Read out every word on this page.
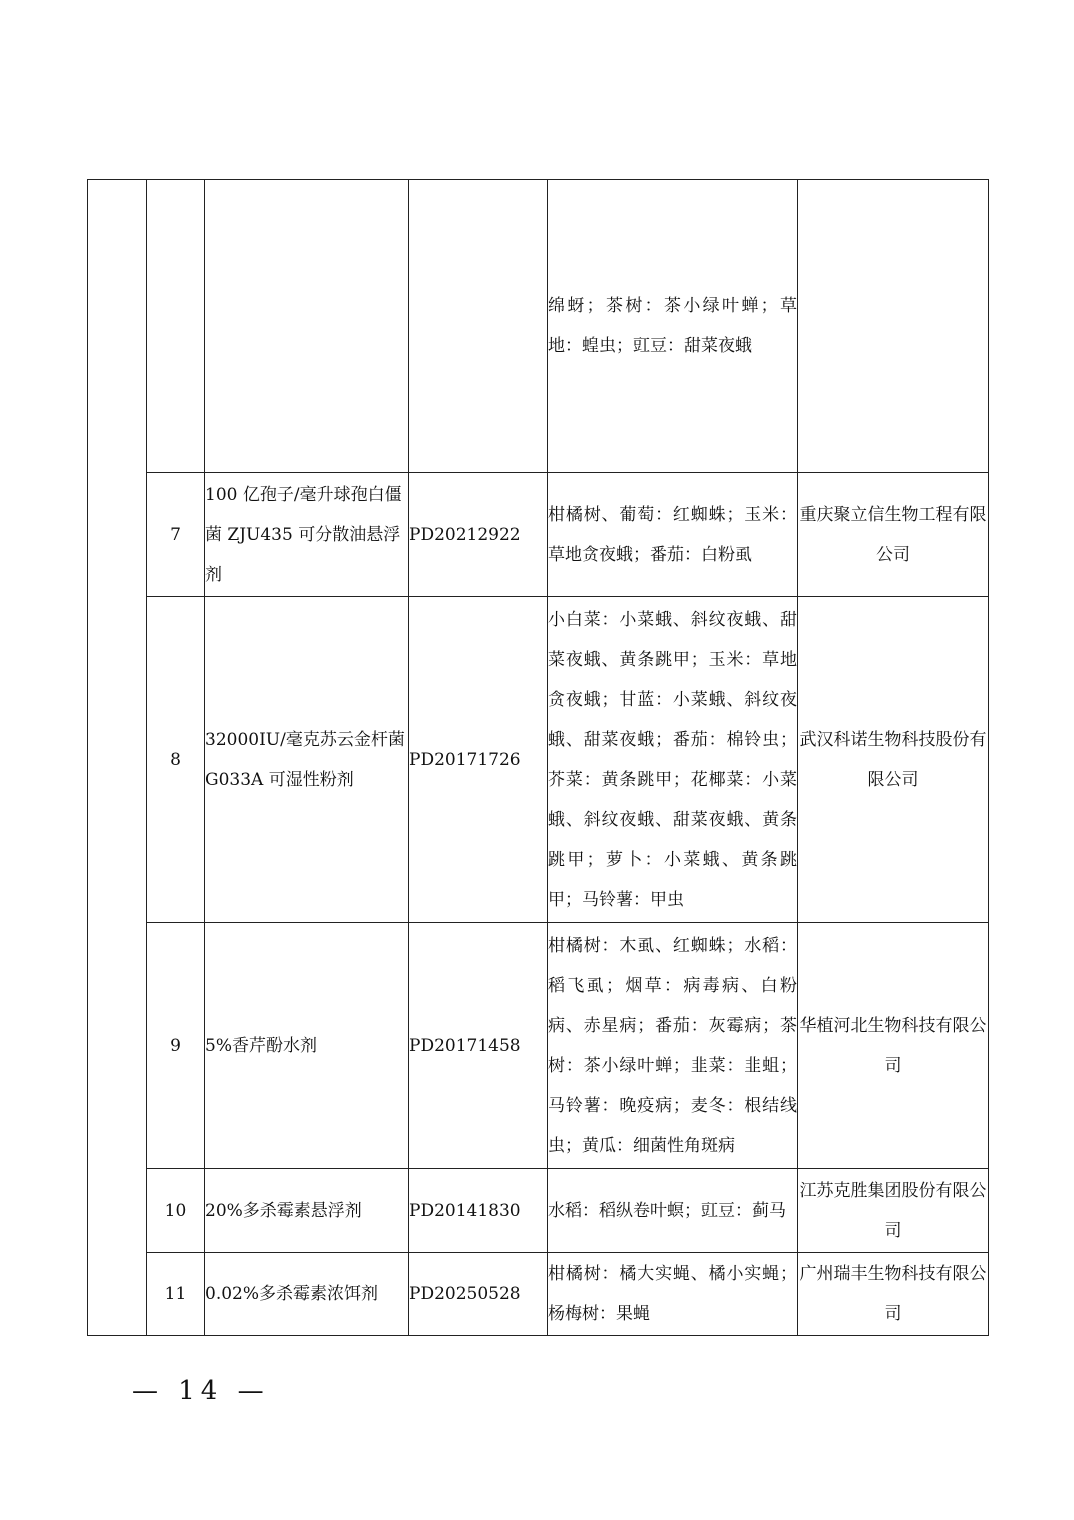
				绵蚜；茶树：茶小绿叶蝉；草地：蝗虫；豇豆：甜菜夜蛾	
	7	100 亿孢子/毫升球孢白僵菌 ZJU435 可分散油悬浮剂	PD20212922	柑橘树、葡萄：红蜘蛛；玉米：草地贪夜蛾；番茄：白粉虱	重庆聚立信生物工程有限公司
	8	32000IU/毫克苏云金杆菌 G033A 可湿性粉剂	PD20171726	小白菜：小菜蛾、斜纹夜蛾、甜菜夜蛾、黄条跳甲；玉米：草地贪夜蛾；甘蓝：小菜蛾、斜纹夜蛾、甜菜夜蛾；番茄：棉铃虫；芥菜：黄条跳甲；花椰菜：小菜蛾、斜纹夜蛾、甜菜夜蛾、黄条跳甲；萝卜：小菜蛾、黄条跳甲；马铃薯：甲虫	武汉科诺生物科技股份有限公司
	9	5%香芹酚水剂	PD20171458	柑橘树：木虱、红蜘蛛；水稻：稻飞虱；烟草：病毒病、白粉病、赤星病；番茄：灰霉病；茶树：茶小绿叶蝉；韭菜：韭蛆；马铃薯：晚疫病；麦冬：根结线虫；黄瓜：细菌性角斑病	华植河北生物科技有限公司
	10	20%多杀霉素悬浮剂	PD20141830	水稻：稻纵卷叶螟；豇豆：蓟马	江苏克胜集团股份有限公司
	11	0.02%多杀霉素浓饵剂	PD20250528	柑橘树：橘大实蝇、橘小实蝇；杨梅树：果蝇	广州瑞丰生物科技有限公司
— 14 —
